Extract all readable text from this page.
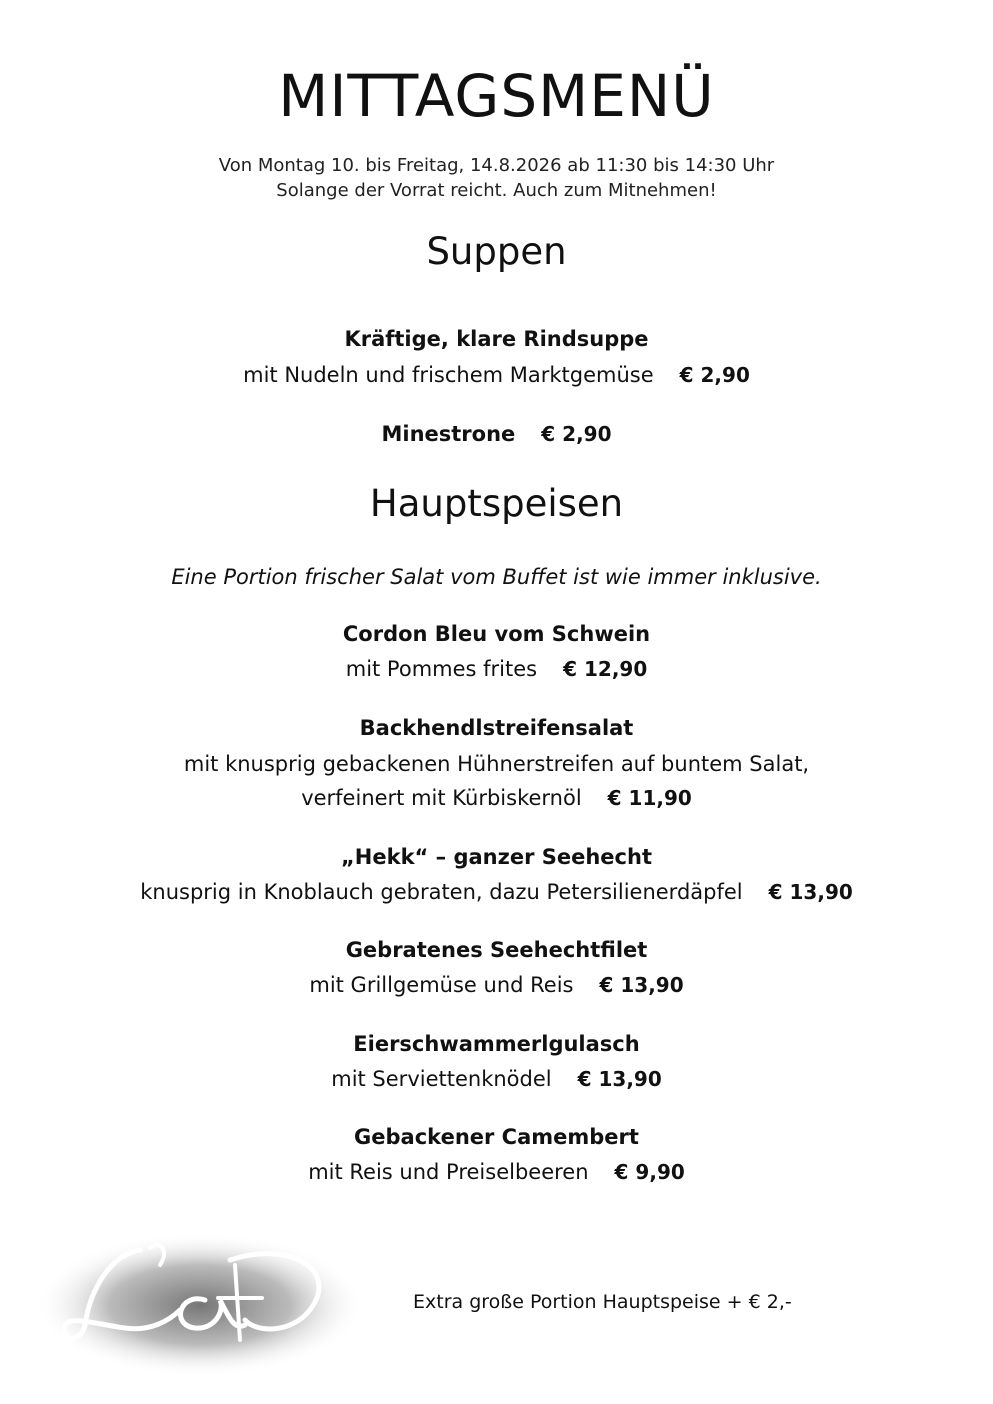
MITTAGSMENÜ
Von Montag 10. bis Freitag, 14.8.2026 ab 11:30 bis 14:30 Uhr
Solange der Vorrat reicht. Auch zum Mitnehmen!
Suppen
Kräftige, klare Rindsuppe
mit Nudeln und frischem Marktgemüse € 2,90
Minestrone € 2,90
Hauptspeisen
Eine Portion frischer Salat vom Buffet ist wie immer inklusive.
Cordon Bleu vom Schwein
mit Pommes frites € 12,90
Backhendlstreifensalat
mit knusprig gebackenen Hühnerstreifen auf buntem Salat,
verfeinert mit Kürbiskernöl € 11,90
„Hekk“ – ganzer Seehecht
knusprig in Knoblauch gebraten, dazu Petersilienerdäpfel € 13,90
Gebratenes Seehechtfilet
mit Grillgemüse und Reis € 13,90
Eierschwammerlgulasch
mit Serviettenknödel € 13,90
Gebackener Camembert
mit Reis und Preiselbeeren € 9,90
Extra große Portion Hauptspeise + € 2,-
